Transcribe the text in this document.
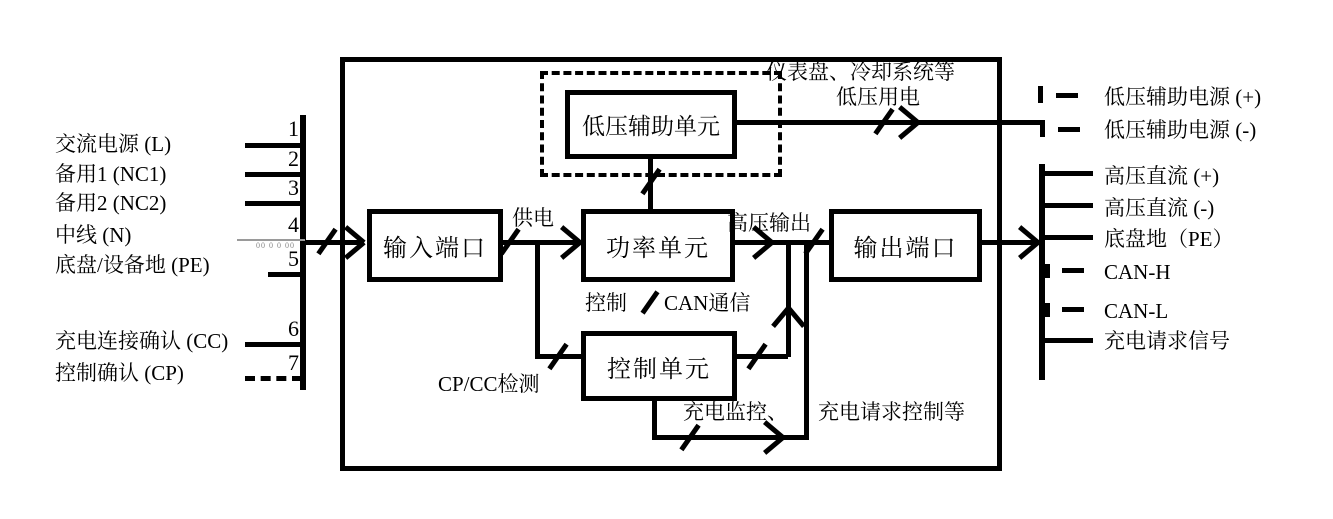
00 0 0 00
1
2
3
4
5
6
7
交流电源 (L)
备用1 (NC1)
备用2 (NC2)
中线 (N)
底盘/设备地 (PE)
充电连接确认 (CC)
控制确认 (CP)
低压辅助单元
输入端口	功率单元	输出端口
控制单元
供电	高压输出
控制 CAN通信
CP/CC检测
充电监控、 充电请求控制等
仪表盘、冷却系统等
低压用电	低压辅助电源 (+)
低压辅助电源 (-)
高压直流 (+)
高压直流 (-)
底盘地（PE）
CAN-H
CAN-L
充电请求信号
